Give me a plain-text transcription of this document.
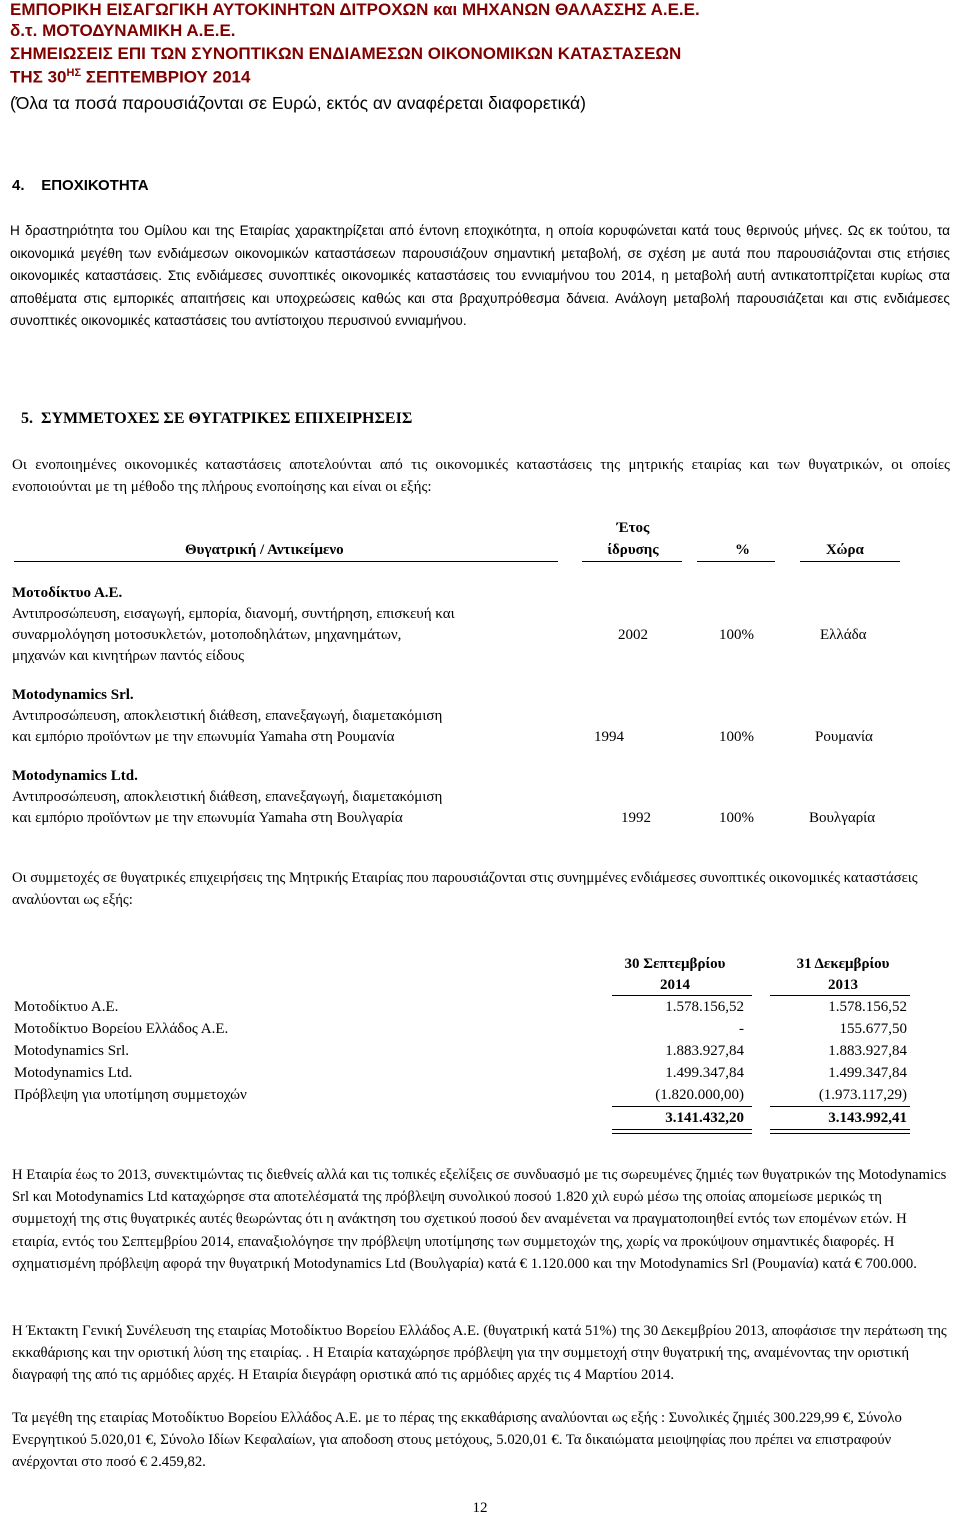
ΕΜΠΟΡΙΚΗ ΕΙΣΑΓΩΓΙΚΗ ΑΥΤΟΚΙΝΗΤΩΝ ΔΙΤΡΟΧΩΝ και ΜΗΧΑΝΩΝ ΘΑΛΑΣΣΗΣ Α.Ε.Ε.
δ.τ. ΜΟΤΟΔΥΝΑΜΙΚΗ Α.Ε.Ε.
ΣΗΜΕΙΩΣΕΙΣ ΕΠΙ ΤΩΝ ΣΥΝΟΠΤΙΚΩΝ ΕΝΔΙΑΜΕΣΩΝ ΟΙΚΟΝΟΜΙΚΩΝ ΚΑΤΑΣΤΑΣΕΩΝ
ΤΗΣ $30^{H\Sigma}$ ΣΕΠΤΕΜΒΡΙΟΥ 2014
(Όλα τα ποσά παρουσιάζονται σε Ευρώ, εκτός αν αναφέρεται διαφορετικά)
4. ΕΠΟΧΙΚΟΤΗΤΑ
Η δραστηριότητα του Ομίλου και της Εταιρίας χαρακτηρίζεται από έντονη εποχικότητα, η οποία κορυφώνεται κατά τους θερινούς μήνες. Ως εκ τούτου, τα οικονομικά μεγέθη των ενδιάμεσων οικονομικών καταστάσεων παρουσιάζουν σημαντική μεταβολή, σε σχέση με αυτά που παρουσιάζονται στις ετήσιες οικονομικές καταστάσεις. Στις ενδιάμεσες συνοπτικές οικονομικές καταστάσεις του εννιαμήνου του 2014, η μεταβολή αυτή αντικατοπτρίζεται κυρίως στα αποθέματα στις εμπορικές απαιτήσεις και υποχρεώσεις καθώς και στα βραχυπρόθεσμα δάνεια. Ανάλογη μεταβολή παρουσιάζεται και στις ενδιάμεσες συνοπτικές οικονομικές καταστάσεις του αντίστοιχου περυσινού εννιαμήνου.
5. ΣΥΜΜΕΤΟΧΕΣ ΣΕ ΘΥΓΑΤΡΙΚΕΣ ΕΠΙΧΕΙΡΗΣΕΙΣ
Οι ενοποιημένες οικονομικές καταστάσεις αποτελούνται από τις οικονομικές καταστάσεις της μητρικής εταιρίας και των θυγατρικών, οι οποίες ενοποιούνται με τη μέθοδο της πλήρους ενοποίησης και είναι οι εξής:
Θυγατρική / Αντικείμενο
Έτος
ίδρυσης	%	Χώρα
Μοτοδίκτυο Α.Ε.
Αντιπροσώπευση, εισαγωγή, εμπορία, διανομή, συντήρηση, επισκευή και
συναρμολόγηση μοτοσυκλετών, μοτοποδηλάτων, μηχανημάτων,
μηχανών και κινητήρων παντός είδους
2002	100%	Ελλάδα
Motodynamics Srl.
Αντιπροσώπευση, αποκλειστική διάθεση, επανεξαγωγή, διαμετακόμιση
και εμπόριο προϊόντων με την επωνυμία Yamaha στη Ρουμανία	1994	100%	Ρουμανία
Motodynamics Ltd.
Αντιπροσώπευση, αποκλειστική διάθεση, επανεξαγωγή, διαμετακόμιση
και εμπόριο προϊόντων με την επωνυμία Yamaha στη Βουλγαρία	1992	100%	Βουλγαρία
Οι συμμετοχές σε θυγατρικές επιχειρήσεις της Μητρικής Εταιρίας που παρουσιάζονται στις συνημμένες ενδιάμεσες συνοπτικές οικονομικές καταστάσεις αναλύονται ως εξής:
30 Σεπτεμβρίου
2014
31 Δεκεμβρίου
2013
Μοτοδίκτυο Α.Ε.	1.578.156,52	1.578.156,52
Μοτοδίκτυο Βορείου Ελλάδος Α.Ε.	-	155.677,50
Motodynamics Srl.	1.883.927,84	1.883.927,84
Motodynamics Ltd.	1.499.347,84	1.499.347,84
Πρόβλεψη για υποτίμηση συμμετοχών	(1.820.000,00)	(1.973.117,29)
3.141.432,20	3.143.992,41
Η Εταιρία έως το 2013, συνεκτιμώντας τις διεθνείς αλλά και τις τοπικές εξελίξεις σε συνδυασμό με τις σωρευμένες ζημιές των θυγατρικών της Motodynamics Srl και Motodynamics Ltd καταχώρησε στα αποτελέσματά της πρόβλεψη συνολικού ποσού 1.820 χιλ ευρώ μέσω της οποίας απομείωσε μερικώς τη συμμετοχή της στις θυγατρικές αυτές θεωρώντας ότι η ανάκτηση του σχετικού ποσού δεν αναμένεται να πραγματοποιηθεί εντός των επομένων ετών. Η εταιρία, εντός του Σεπτεμβρίου 2014, επαναξιολόγησε την πρόβλεψη υποτίμησης των συμμετοχών της, χωρίς να προκύψουν σημαντικές διαφορές. Η σχηματισμένη πρόβλεψη αφορά την θυγατρική Motodynamics Ltd (Βουλγαρία) κατά € 1.120.000 και την Motodynamics Srl (Ρουμανία) κατά € 700.000.
Η Έκτακτη Γενική Συνέλευση της εταιρίας Μοτοδίκτυο Βορείου Ελλάδος Α.Ε. (θυγατρική κατά 51%) της 30 Δεκεμβρίου 2013, αποφάσισε την περάτωση της εκκαθάρισης και την οριστική λύση της εταιρίας. . Η Εταιρία καταχώρησε πρόβλεψη για την συμμετοχή στην θυγατρική της, αναμένοντας την οριστική διαγραφή της από τις αρμόδιες αρχές. Η Εταιρία διεγράφη οριστικά από τις αρμόδιες αρχές τις 4 Μαρτίου 2014.
Τα μεγέθη της εταιρίας Μοτοδίκτυο Βορείου Ελλάδος Α.Ε. με το πέρας της εκκαθάρισης αναλύονται ως εξής : Συνολικές ζημιές 300.229,99 €, Σύνολο Ενεργητικού 5.020,01 €, Σύνολο Ιδίων Κεφαλαίων, για αποδοση στους μετόχους, 5.020,01 €. Τα δικαιώματα μειοψηφίας που πρέπει να επιστραφούν ανέρχονται στο ποσό € 2.459,82.
12
